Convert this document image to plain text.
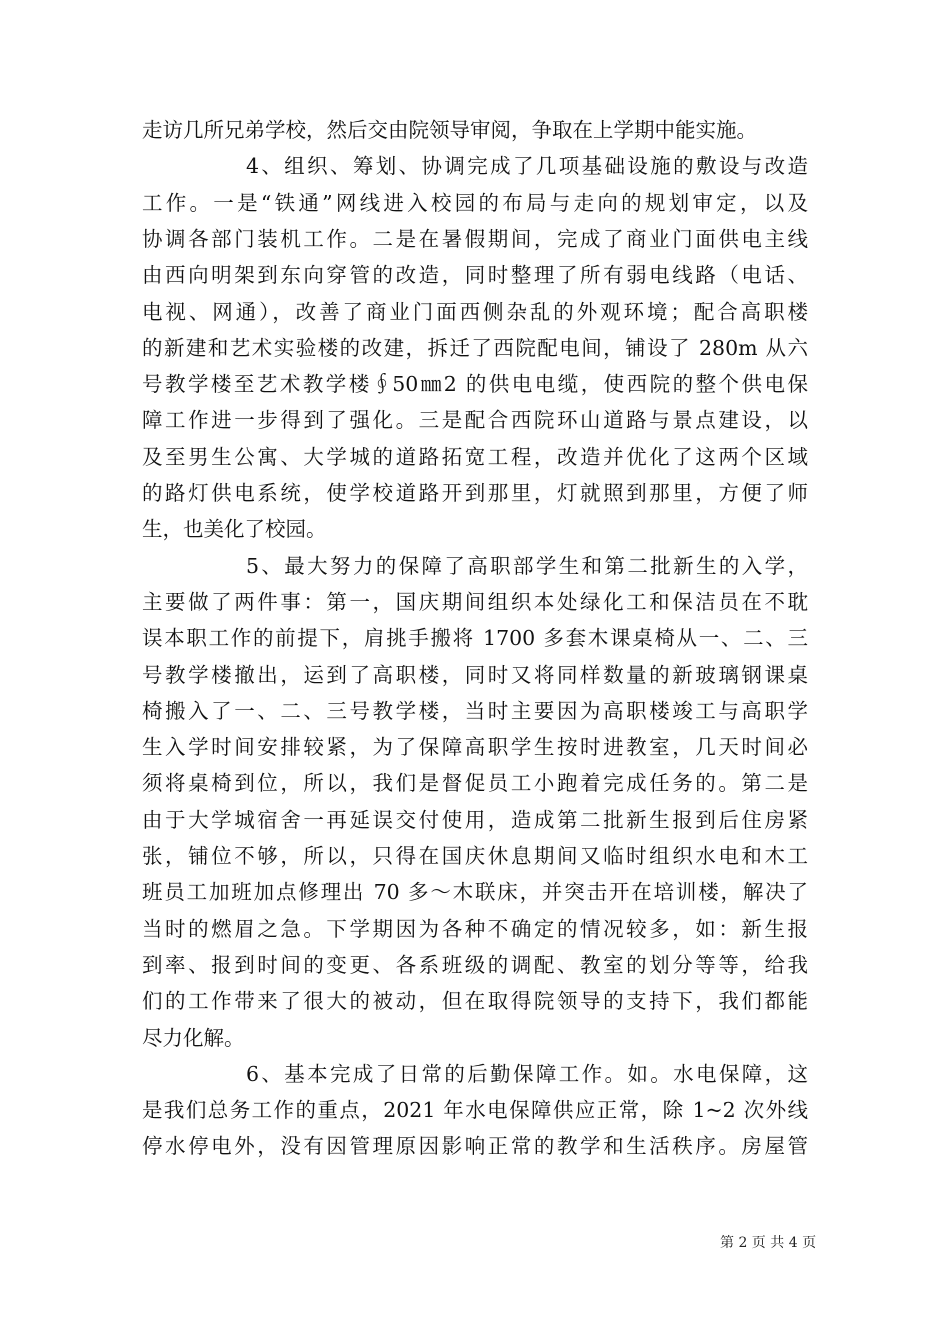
走访几所兄弟学校，然后交由院领导审阅，争取在上学期中能实施。
4、组织、筹划、协调完成了几项基础设施的敷设与改造
工作。一是“铁通”网线进入校园的布局与走向的规划审定，以及
协调各部门装机工作。二是在暑假期间，完成了商业门面供电主线
由西向明架到东向穿管的改造，同时整理了所有弱电线路（电话、
电视、网通），改善了商业门面西侧杂乱的外观环境；配合高职楼
的新建和艺术实验楼的改建，拆迁了西院配电间，铺设了 280m 从六
号教学楼至艺术教学楼∮50㎜2 的供电电缆，使西院的整个供电保
障工作进一步得到了强化。三是配合西院环山道路与景点建设，以
及至男生公寓、大学城的道路拓宽工程，改造并优化了这两个区域
的路灯供电系统，使学校道路开到那里，灯就照到那里，方便了师
生，也美化了校园。
5、最大努力的保障了高职部学生和第二批新生的入学，
主要做了两件事：第一，国庆期间组织本处绿化工和保洁员在不耽
误本职工作的前提下，肩挑手搬将 1700 多套木课桌椅从一、二、三
号教学楼撤出，运到了高职楼，同时又将同样数量的新玻璃钢课桌
椅搬入了一、二、三号教学楼，当时主要因为高职楼竣工与高职学
生入学时间安排较紧，为了保障高职学生按时进教室，几天时间必
须将桌椅到位，所以，我们是督促员工小跑着完成任务的。第二是
由于大学城宿舍一再延误交付使用，造成第二批新生报到后住房紧
张，铺位不够，所以，只得在国庆休息期间又临时组织水电和木工
班员工加班加点修理出 70 多～木联床，并突击开在培训楼，解决了
当时的燃眉之急。下学期因为各种不确定的情况较多，如：新生报
到率、报到时间的变更、各系班级的调配、教室的划分等等，给我
们的工作带来了很大的被动，但在取得院领导的支持下，我们都能
尽力化解。
6、基本完成了日常的后勤保障工作。如。水电保障，这
是我们总务工作的重点，2021 年水电保障供应正常，除 1~2 次外线
停水停电外，没有因管理原因影响正常的教学和生活秩序。房屋管
第 2 页 共 4 页
